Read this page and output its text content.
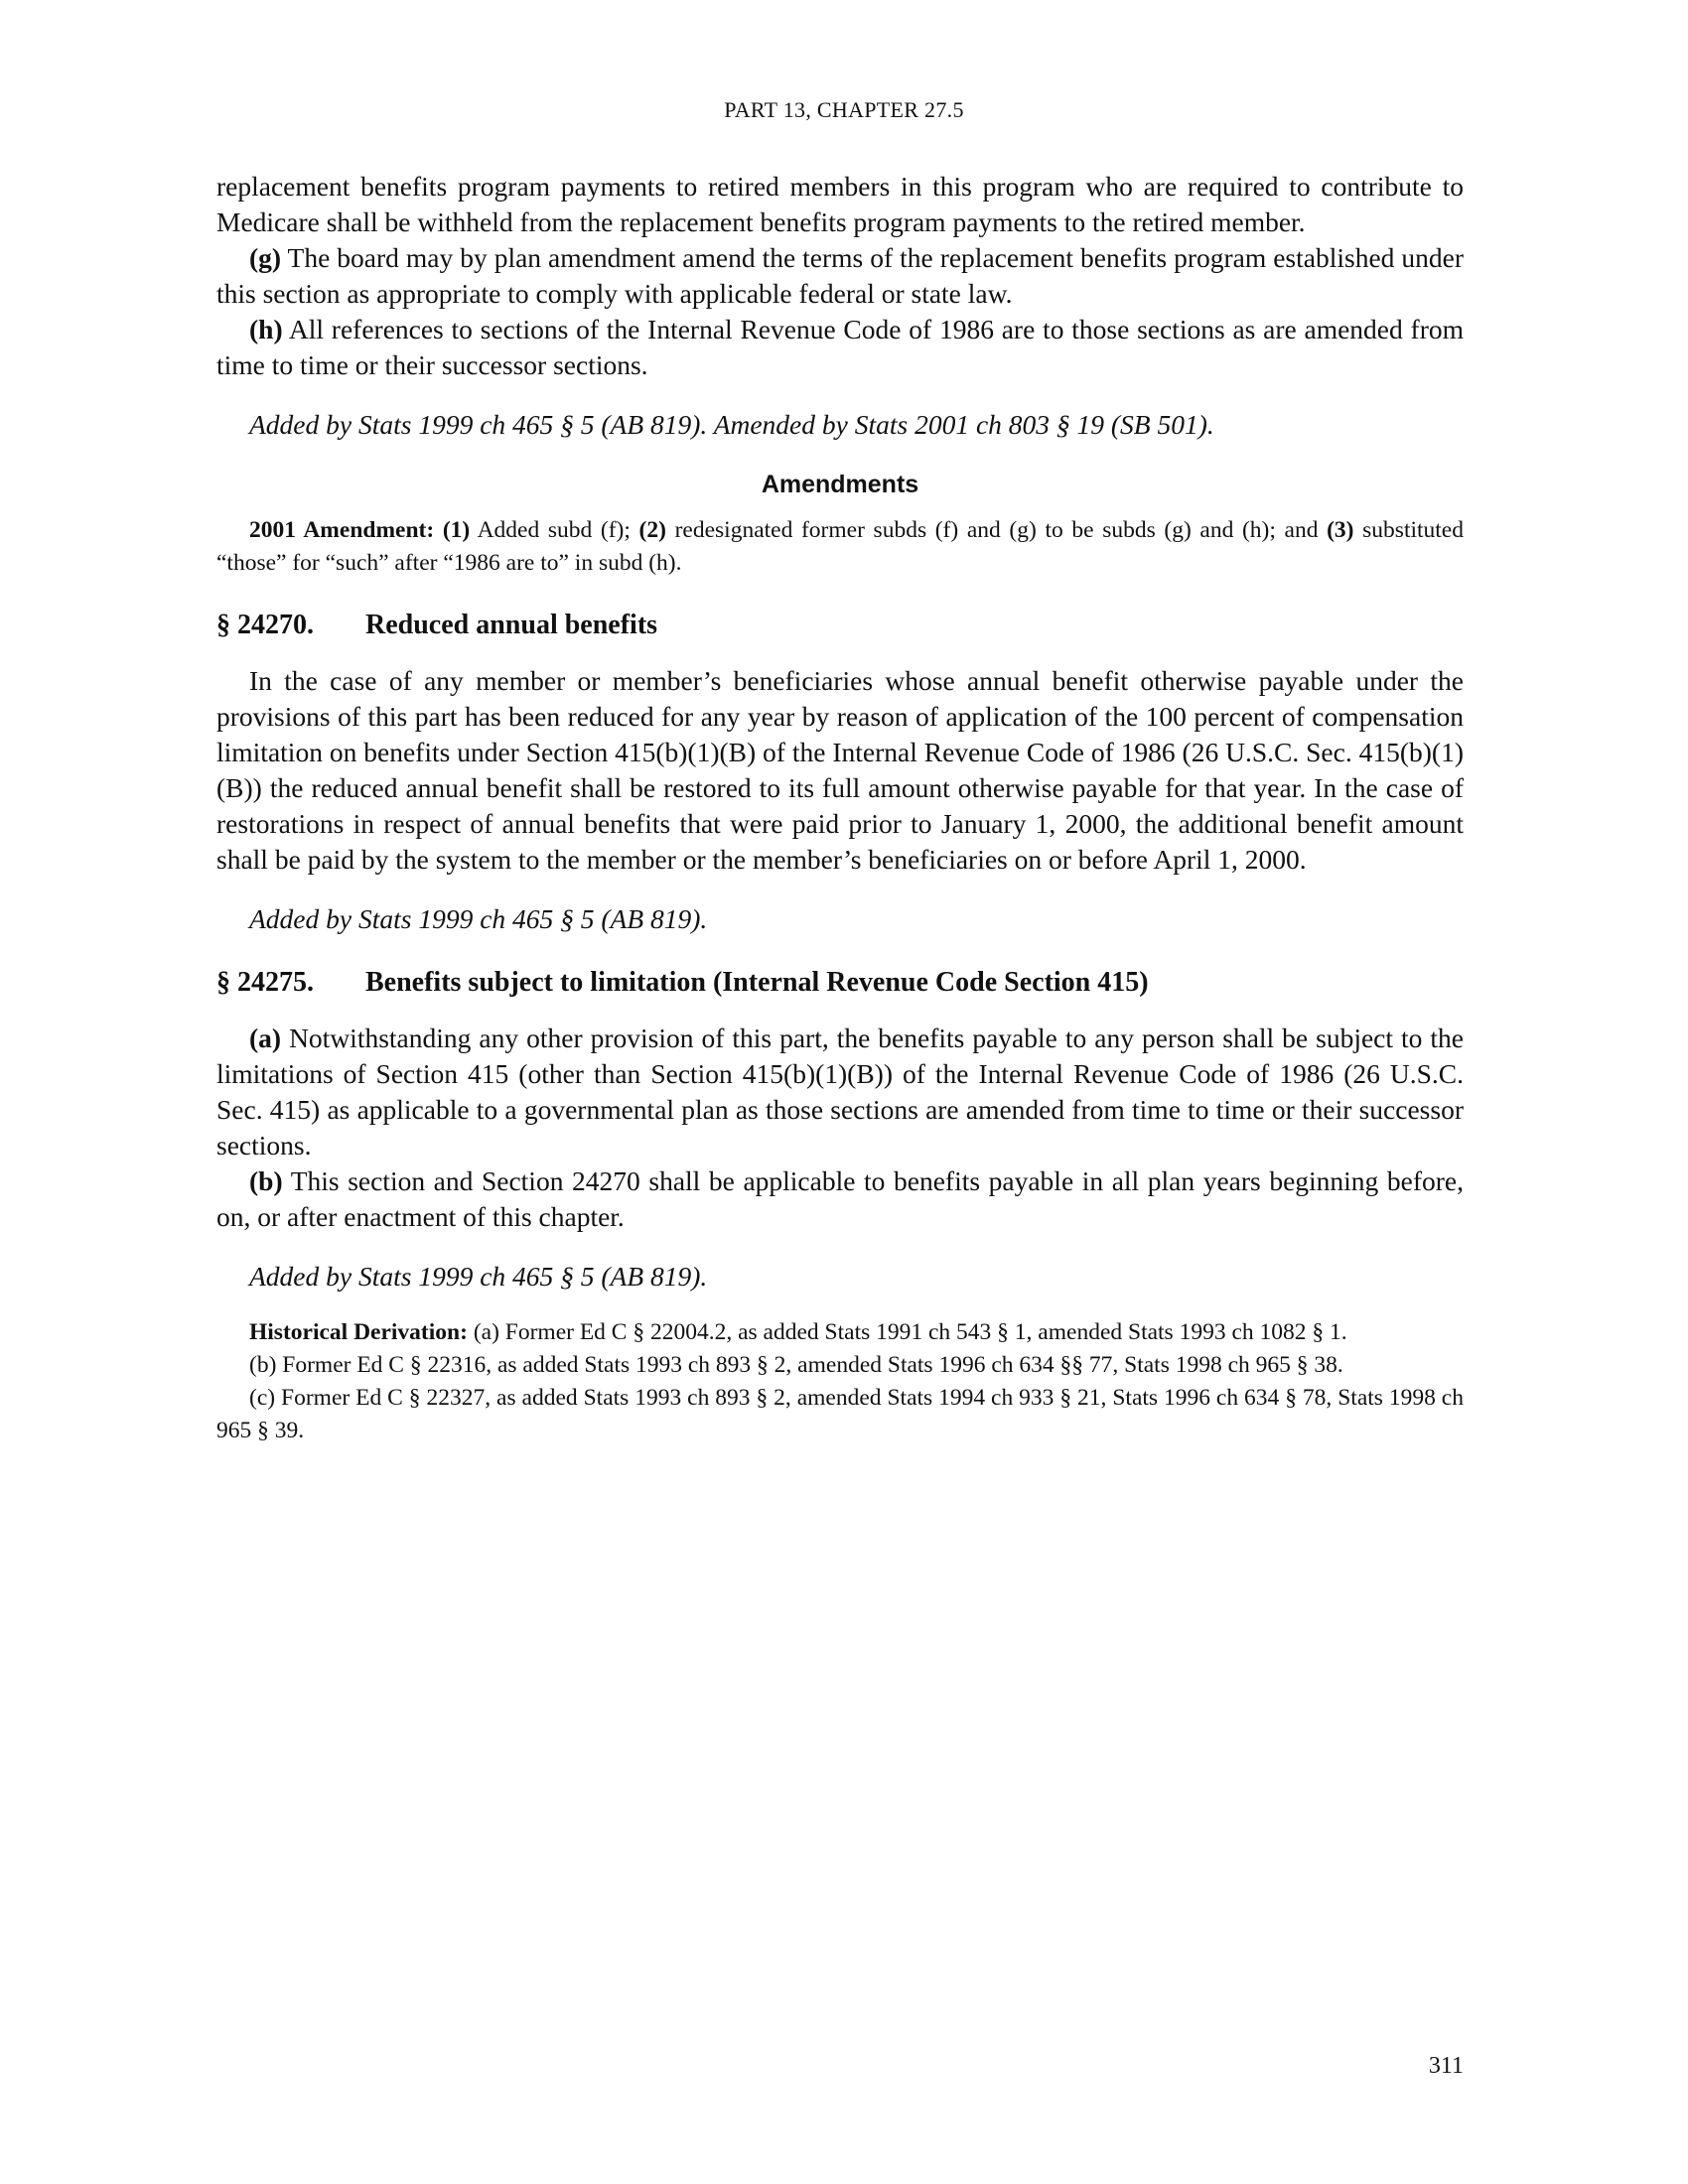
PART 13, CHAPTER 27.5

replacement benefits program payments to retired members in this program who are required to contribute to Medicare shall be withheld from the replacement benefits program payments to the retired member.

(g) The board may by plan amendment amend the terms of the replacement benefits program established under this section as appropriate to comply with applicable federal or state law.

(h) All references to sections of the Internal Revenue Code of 1986 are to those sections as are amended from time to time or their successor sections.

Added by Stats 1999 ch 465 § 5 (AB 819). Amended by Stats 2001 ch 803 § 19 (SB 501).

Amendments

2001 Amendment: (1) Added subd (f); (2) redesignated former subds (f) and (g) to be subds (g) and (h); and (3) substituted “those” for “such” after “1986 are to” in subd (h).

§ 24270.	Reduced annual benefits

In the case of any member or member’s beneficiaries whose annual benefit otherwise payable under the provisions of this part has been reduced for any year by reason of application of the 100 percent of compensation limitation on benefits under Section 415(b)(1)(B) of the Internal Revenue Code of 1986 (26 U.S.C. Sec. 415(b)(1)(B)) the reduced annual benefit shall be restored to its full amount otherwise payable for that year. In the case of restorations in respect of annual benefits that were paid prior to January 1, 2000, the additional benefit amount shall be paid by the system to the member or the member’s beneficiaries on or before April 1, 2000.

Added by Stats 1999 ch 465 § 5 (AB 819).

§ 24275.	Benefits subject to limitation (Internal Revenue Code Section 415)

(a) Notwithstanding any other provision of this part, the benefits payable to any person shall be subject to the limitations of Section 415 (other than Section 415(b)(1)(B)) of the Internal Revenue Code of 1986 (26 U.S.C. Sec. 415) as applicable to a governmental plan as those sections are amended from time to time or their successor sections.

(b) This section and Section 24270 shall be applicable to benefits payable in all plan years beginning before, on, or after enactment of this chapter.

Added by Stats 1999 ch 465 § 5 (AB 819).

Historical Derivation: (a) Former Ed C § 22004.2, as added Stats 1991 ch 543 § 1, amended Stats 1993 ch 1082 § 1.

(b) Former Ed C § 22316, as added Stats 1993 ch 893 § 2, amended Stats 1996 ch 634 §§ 77, Stats 1998 ch 965 § 38.

(c) Former Ed C § 22327, as added Stats 1993 ch 893 § 2, amended Stats 1994 ch 933 § 21, Stats 1996 ch 634 § 78, Stats 1998 ch 965 § 39.

311
